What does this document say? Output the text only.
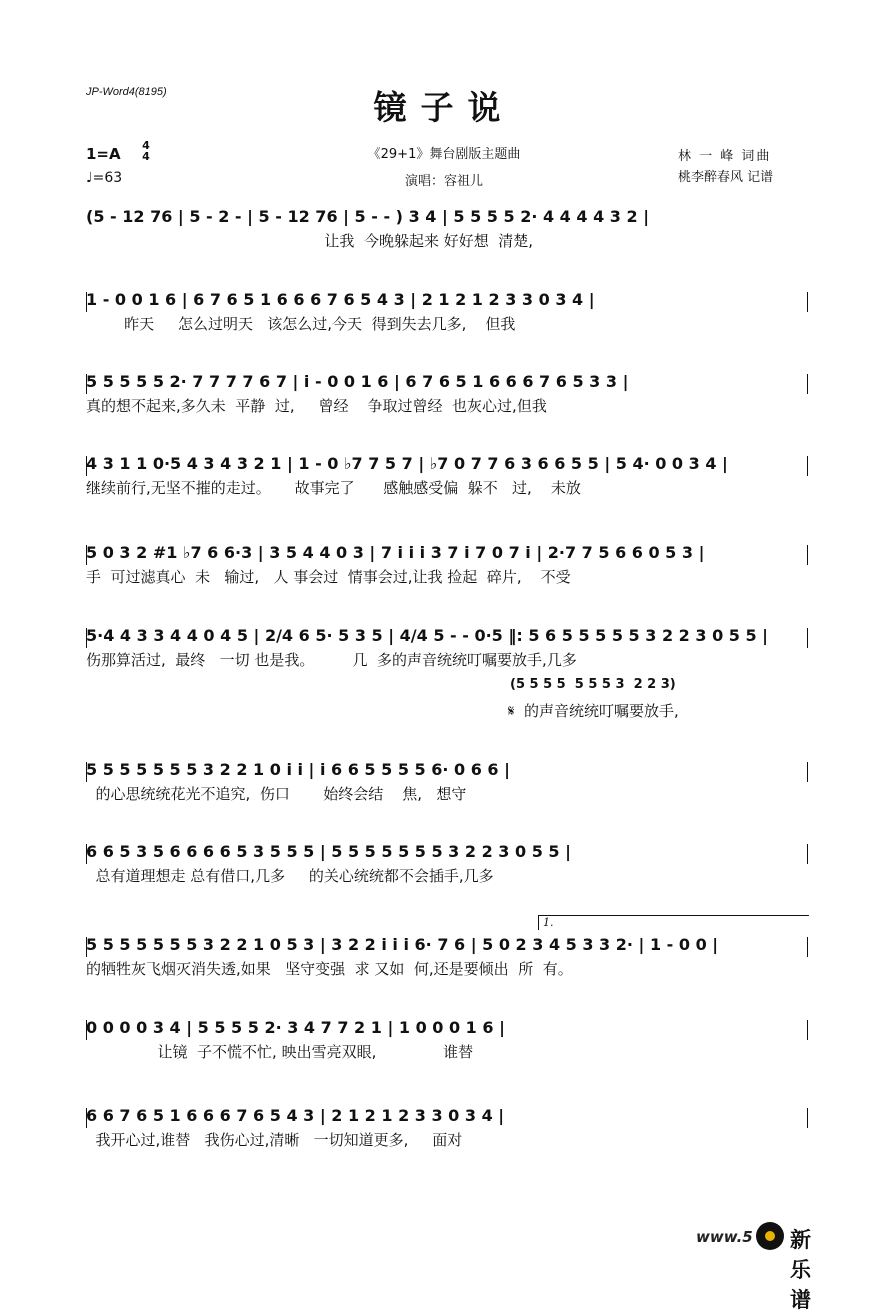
JP-Word4(8195)	镜子说
1=A 4
4
♩=63
《29+1》舞台剧版主题曲
演唱：容祖儿
林 一 峰 词曲
桃李醉春风 记谱
(5 - 12 76 | 5 - 2 - | 5 - 12 76 | 5 - - ) 3 4 | 5 5 5 5 2· 4 4 4 4 3 2 |
让我  今晚躲起来 好好想  清楚,
1 - 0 0 1 6 | 6 7 6 5 1 6 6 6 7 6 5 4 3 | 2 1 2 1 2 3 3 0 3 4 |
昨天     怎么过明天   该怎么过,今天  得到失去几多,    但我
5 5 5 5 5 2· 7 7 7 7 6 7 | i - 0 0 1 6 | 6 7 6 5 1 6 6 6 7 6 5 3 3 |
真的想不起来,多久未  平静  过,     曾经    争取过曾经  也灰心过,但我
4 3 1 1 0·5 4 3 4 3 2 1 | 1 - 0 ♭7 7 5 7 | ♭7 0 7 7 6 3 6 6 5 5 | 5 4· 0 0 3 4 |
继续前行,无坚不摧的走过。     故事完了      感触感受偏  躲不   过,    未放
5 0 3 2 #1 ♭7 6 6·3 | 3 5 4 4 0 3 | 7 i i i 3 7 i 7 0 7 i | 2·7 7 5 6 6 0 5 3 |
手  可过滤真心  未   输过,   人 事会过  情事会过,让我 捡起  碎片,    不受
5·4 4 3 3 4 4 0 4 5 | 2/4 6 5· 5 3 5 | 4/4 5 - - 0·5 ‖: 5 6 5 5 5 5 5 3 2 2 3 0 5 5 |
伤那算活过,  最终   一切 也是我。        几  多的声音统统叮嘱要放手,几多
(5 5 5 5  5 5 5 3  2 2 3)
𝄋 的声音统统叮嘱要放手,
5 5 5 5 5 5 5 3 2 2 1 0 i i | i 6 6 5 5 5 5 6· 0 6 6 |
的心思统统花光不追究,  伤口       始终会结    焦,   想守
6 6 5 3 5 6 6 6 6 5 3 5 5 5 | 5 5 5 5 5 5 5 3 2 2 3 0 5 5 |
总有道理想走 总有借口,几多     的关心统统都不会插手,几多
1.
5 5 5 5 5 5 5 3 2 2 1 0 5 3 | 3 2 2 i i i 6· 7 6 | 5 0 2 3 4 5 3 3 2· | 1 - 0 0 |
的牺牲灰飞烟灭消失透,如果   坚守变强  求 又如  何,还是要倾出  所  有。
0 0 0 0 3 4 | 5 5 5 5 2· 3 4 7 7 2 1 | 1 0 0 0 1 6 |
让镜  子不慌不忙, 映出雪亮双眼,              谁替
6 6 7 6 5 1 6 6 6 7 6 5 4 3 | 2 1 2 1 2 3 3 0 3 4 |
我开心过,谁替   我伤心过,清晰   一切知道更多,     面对
www.5 新乐谱
